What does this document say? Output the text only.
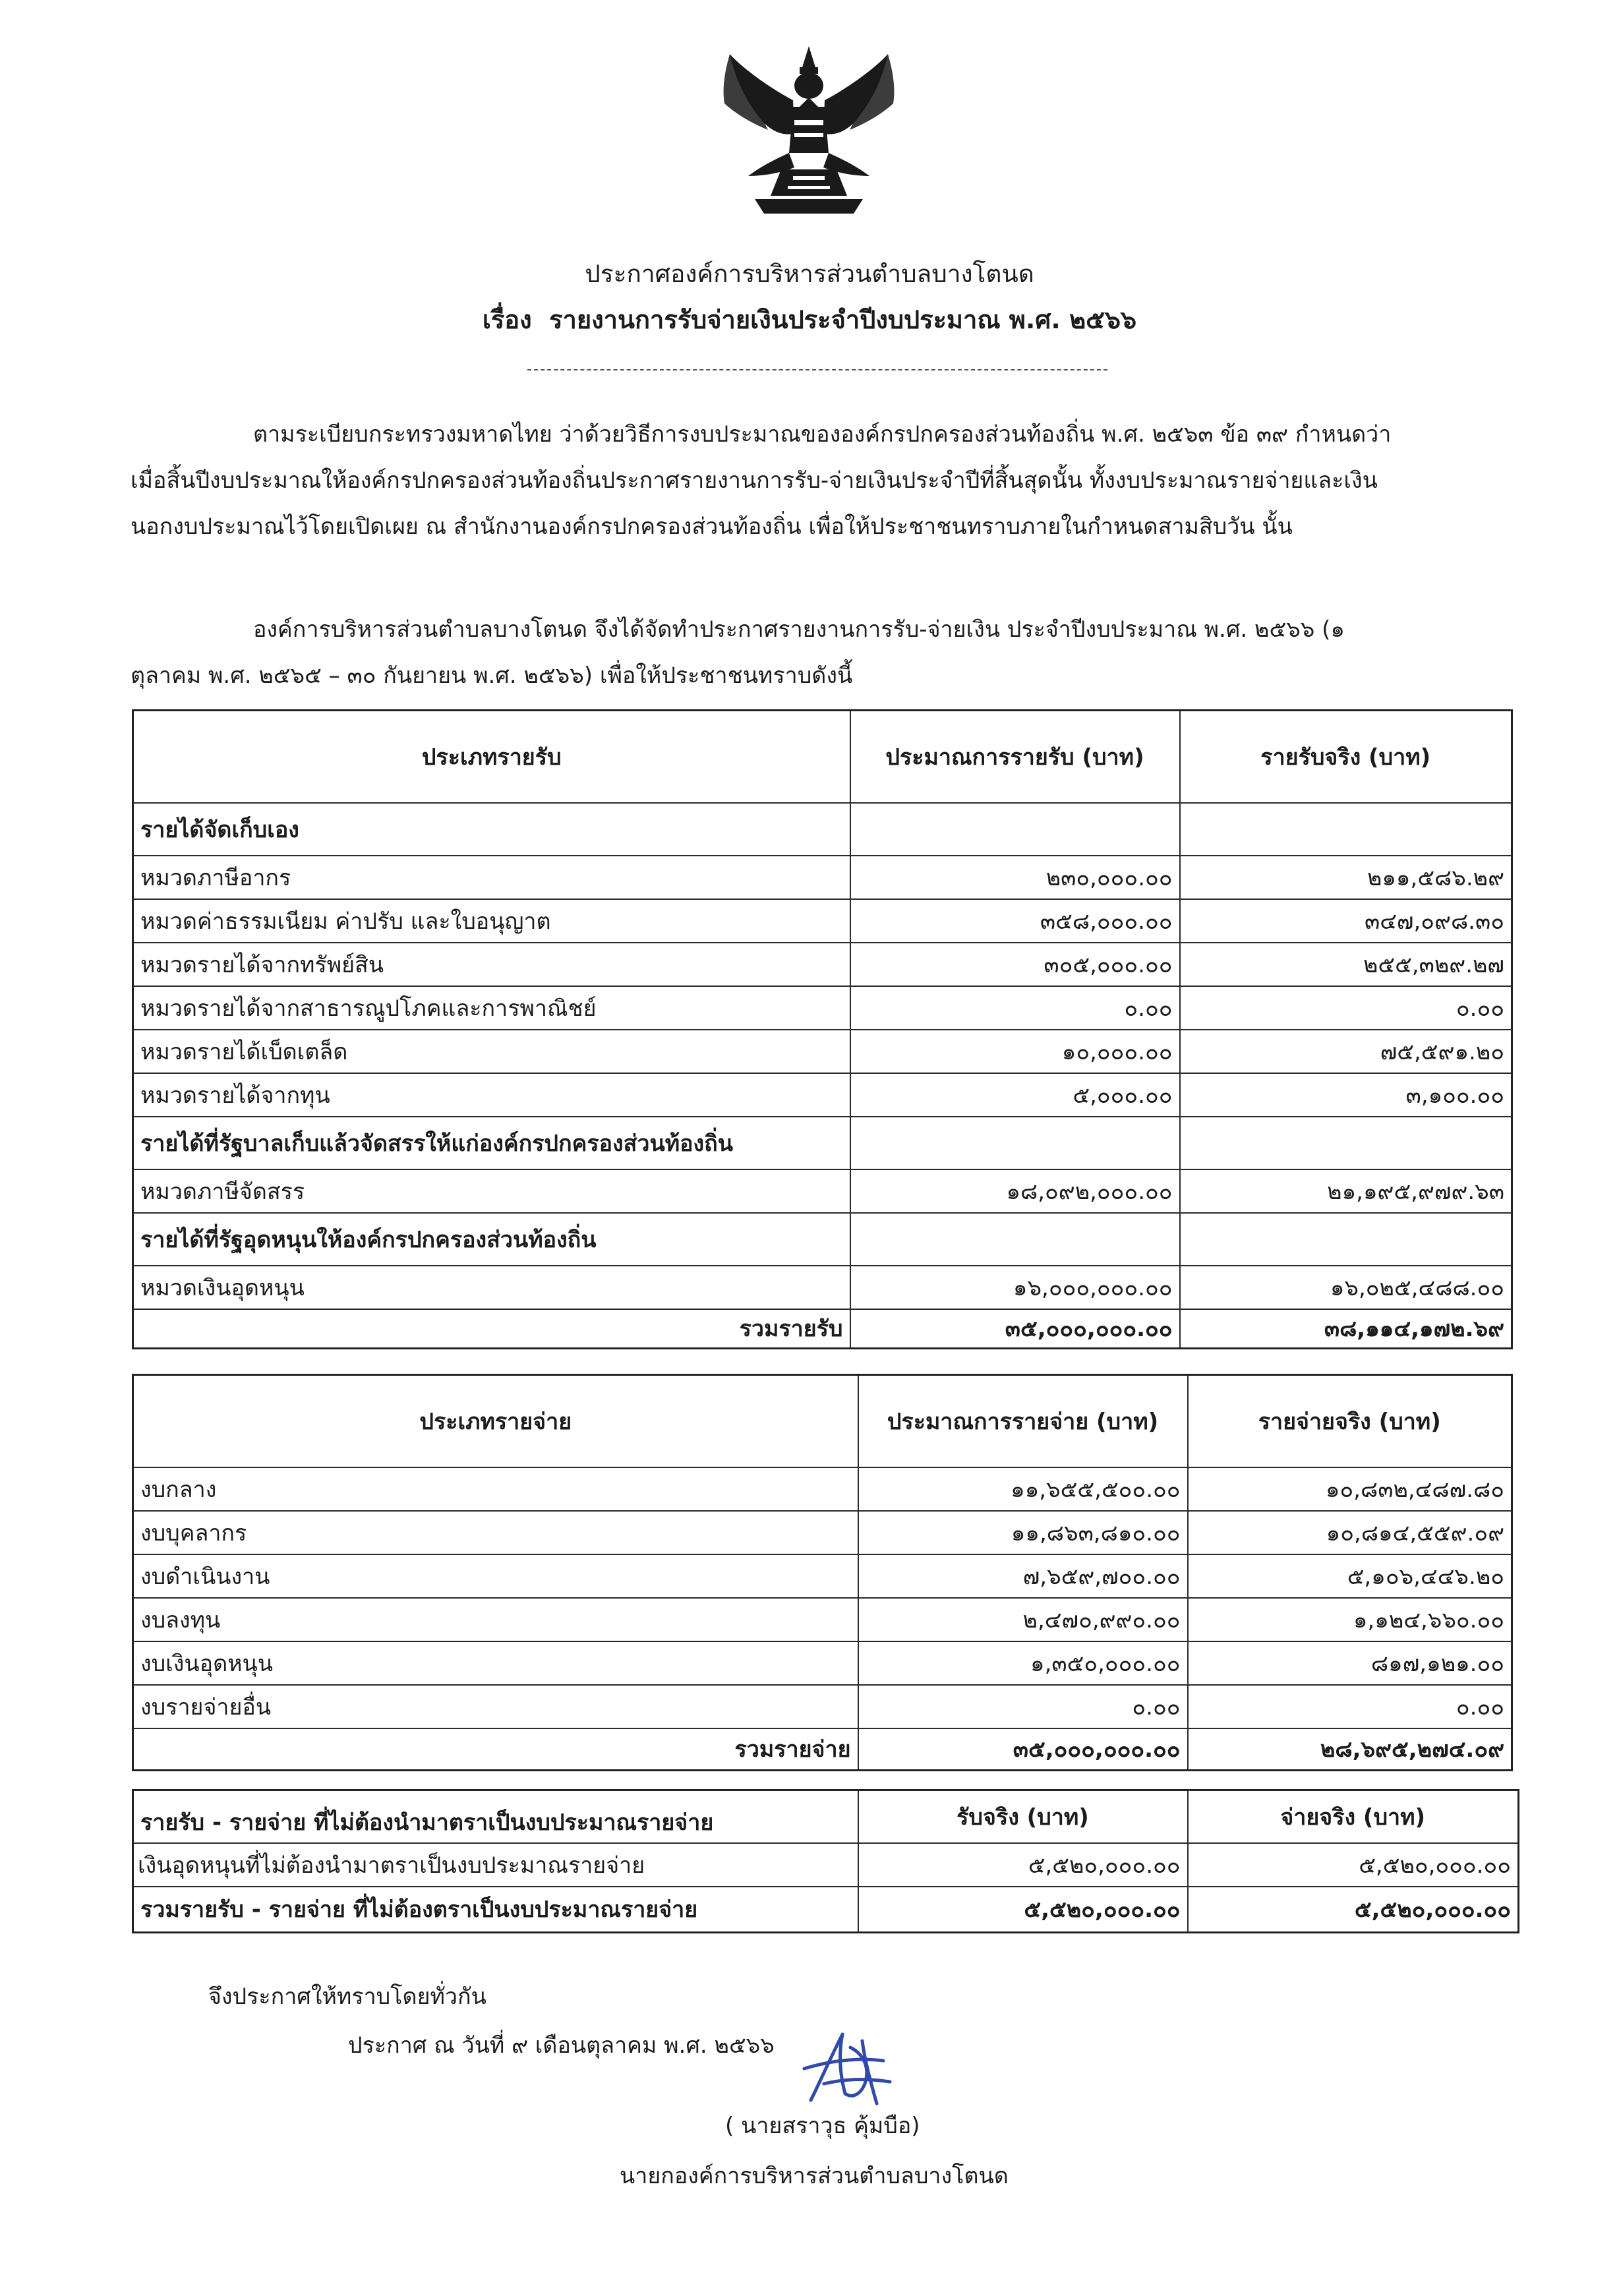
ประกาศองค์การบริหารส่วนตำบลบางโตนด
เรื่อง รายงานการรับจ่ายเงินประจำปีงบประมาณ พ.ศ. ๒๕๖๖
ตามระเบียบกระทรวงมหาดไทย ว่าด้วยวิธีการงบประมาณขององค์กรปกครองส่วนท้องถิ่น พ.ศ. ๒๕๖๓ ข้อ ๓๙ กำหนดว่า
เมื่อสิ้นปีงบประมาณให้องค์กรปกครองส่วนท้องถิ่นประกาศรายงานการรับ-จ่ายเงินประจำปีที่สิ้นสุดนั้น ทั้งงบประมาณรายจ่ายและเงิน
นอกงบประมาณไว้โดยเปิดเผย ณ สำนักงานองค์กรปกครองส่วนท้องถิ่น เพื่อให้ประชาชนทราบภายในกำหนดสามสิบวัน นั้น
องค์การบริหารส่วนตำบลบางโตนด จึงได้จัดทำประกาศรายงานการรับ-จ่ายเงิน ประจำปีงบประมาณ พ.ศ. ๒๕๖๖ (๑
ตุลาคม พ.ศ. ๒๕๖๕ – ๓๐ กันยายน พ.ศ. ๒๕๖๖) เพื่อให้ประชาชนทราบดังนี้
ประเภทรายรับ	ประมาณการรายรับ (บาท)	รายรับจริง (บาท)
รายได้จัดเก็บเอง		
หมวดภาษีอากร	๒๓๐,๐๐๐.๐๐	๒๑๑,๕๘๖.๒๙
หมวดค่าธรรมเนียม ค่าปรับ และใบอนุญาต	๓๕๘,๐๐๐.๐๐	๓๔๗,๐๙๘.๓๐
หมวดรายได้จากทรัพย์สิน	๓๐๕,๐๐๐.๐๐	๒๕๕,๓๒๙.๒๗
หมวดรายได้จากสาธารณูปโภคและการพาณิชย์	๐.๐๐	๐.๐๐
หมวดรายได้เบ็ดเตล็ด	๑๐,๐๐๐.๐๐	๗๕,๕๙๑.๒๐
หมวดรายได้จากทุน	๕,๐๐๐.๐๐	๓,๑๐๐.๐๐
รายได้ที่รัฐบาลเก็บแล้วจัดสรรให้แก่องค์กรปกครองส่วนท้องถิ่น		
หมวดภาษีจัดสรร	๑๘,๐๙๒,๐๐๐.๐๐	๒๑,๑๙๕,๙๗๙.๖๓
รายได้ที่รัฐอุดหนุนให้องค์กรปกครองส่วนท้องถิ่น		
หมวดเงินอุดหนุน	๑๖,๐๐๐,๐๐๐.๐๐	๑๖,๐๒๕,๔๘๘.๐๐
รวมรายรับ	๓๕,๐๐๐,๐๐๐.๐๐	๓๘,๑๑๔,๑๗๒.๖๙
ประเภทรายจ่าย	ประมาณการรายจ่าย (บาท)	รายจ่ายจริง (บาท)
งบกลาง	๑๑,๖๕๕,๕๐๐.๐๐	๑๐,๘๓๒,๔๘๗.๘๐
งบบุคลากร	๑๑,๘๖๓,๘๑๐.๐๐	๑๐,๘๑๔,๕๕๙.๐๙
งบดำเนินงาน	๗,๖๕๙,๗๐๐.๐๐	๕,๑๐๖,๔๔๖.๒๐
งบลงทุน	๒,๔๗๐,๙๙๐.๐๐	๑,๑๒๔,๖๖๐.๐๐
งบเงินอุดหนุน	๑,๓๕๐,๐๐๐.๐๐	๘๑๗,๑๒๑.๐๐
งบรายจ่ายอื่น	๐.๐๐	๐.๐๐
รวมรายจ่าย	๓๕,๐๐๐,๐๐๐.๐๐	๒๘,๖๙๕,๒๗๔.๐๙
รายรับ - รายจ่าย ที่ไม่ต้องนำมาตราเป็นงบประมาณรายจ่าย	รับจริง (บาท)	จ่ายจริง (บาท)
เงินอุดหนุนที่ไม่ต้องนำมาตราเป็นงบประมาณรายจ่าย	๕,๕๒๐,๐๐๐.๐๐	๕,๕๒๐,๐๐๐.๐๐
รวมรายรับ - รายจ่าย ที่ไม่ต้องตราเป็นงบประมาณรายจ่าย	๕,๕๒๐,๐๐๐.๐๐	๕,๕๒๐,๐๐๐.๐๐
จึงประกาศให้ทราบโดยทั่วกัน
ประกาศ ณ วันที่ ๙ เดือนตุลาคม พ.ศ. ๒๕๖๖
( นายสราวุธ คุ้มบือ)
นายกองค์การบริหารส่วนตำบลบางโตนด
